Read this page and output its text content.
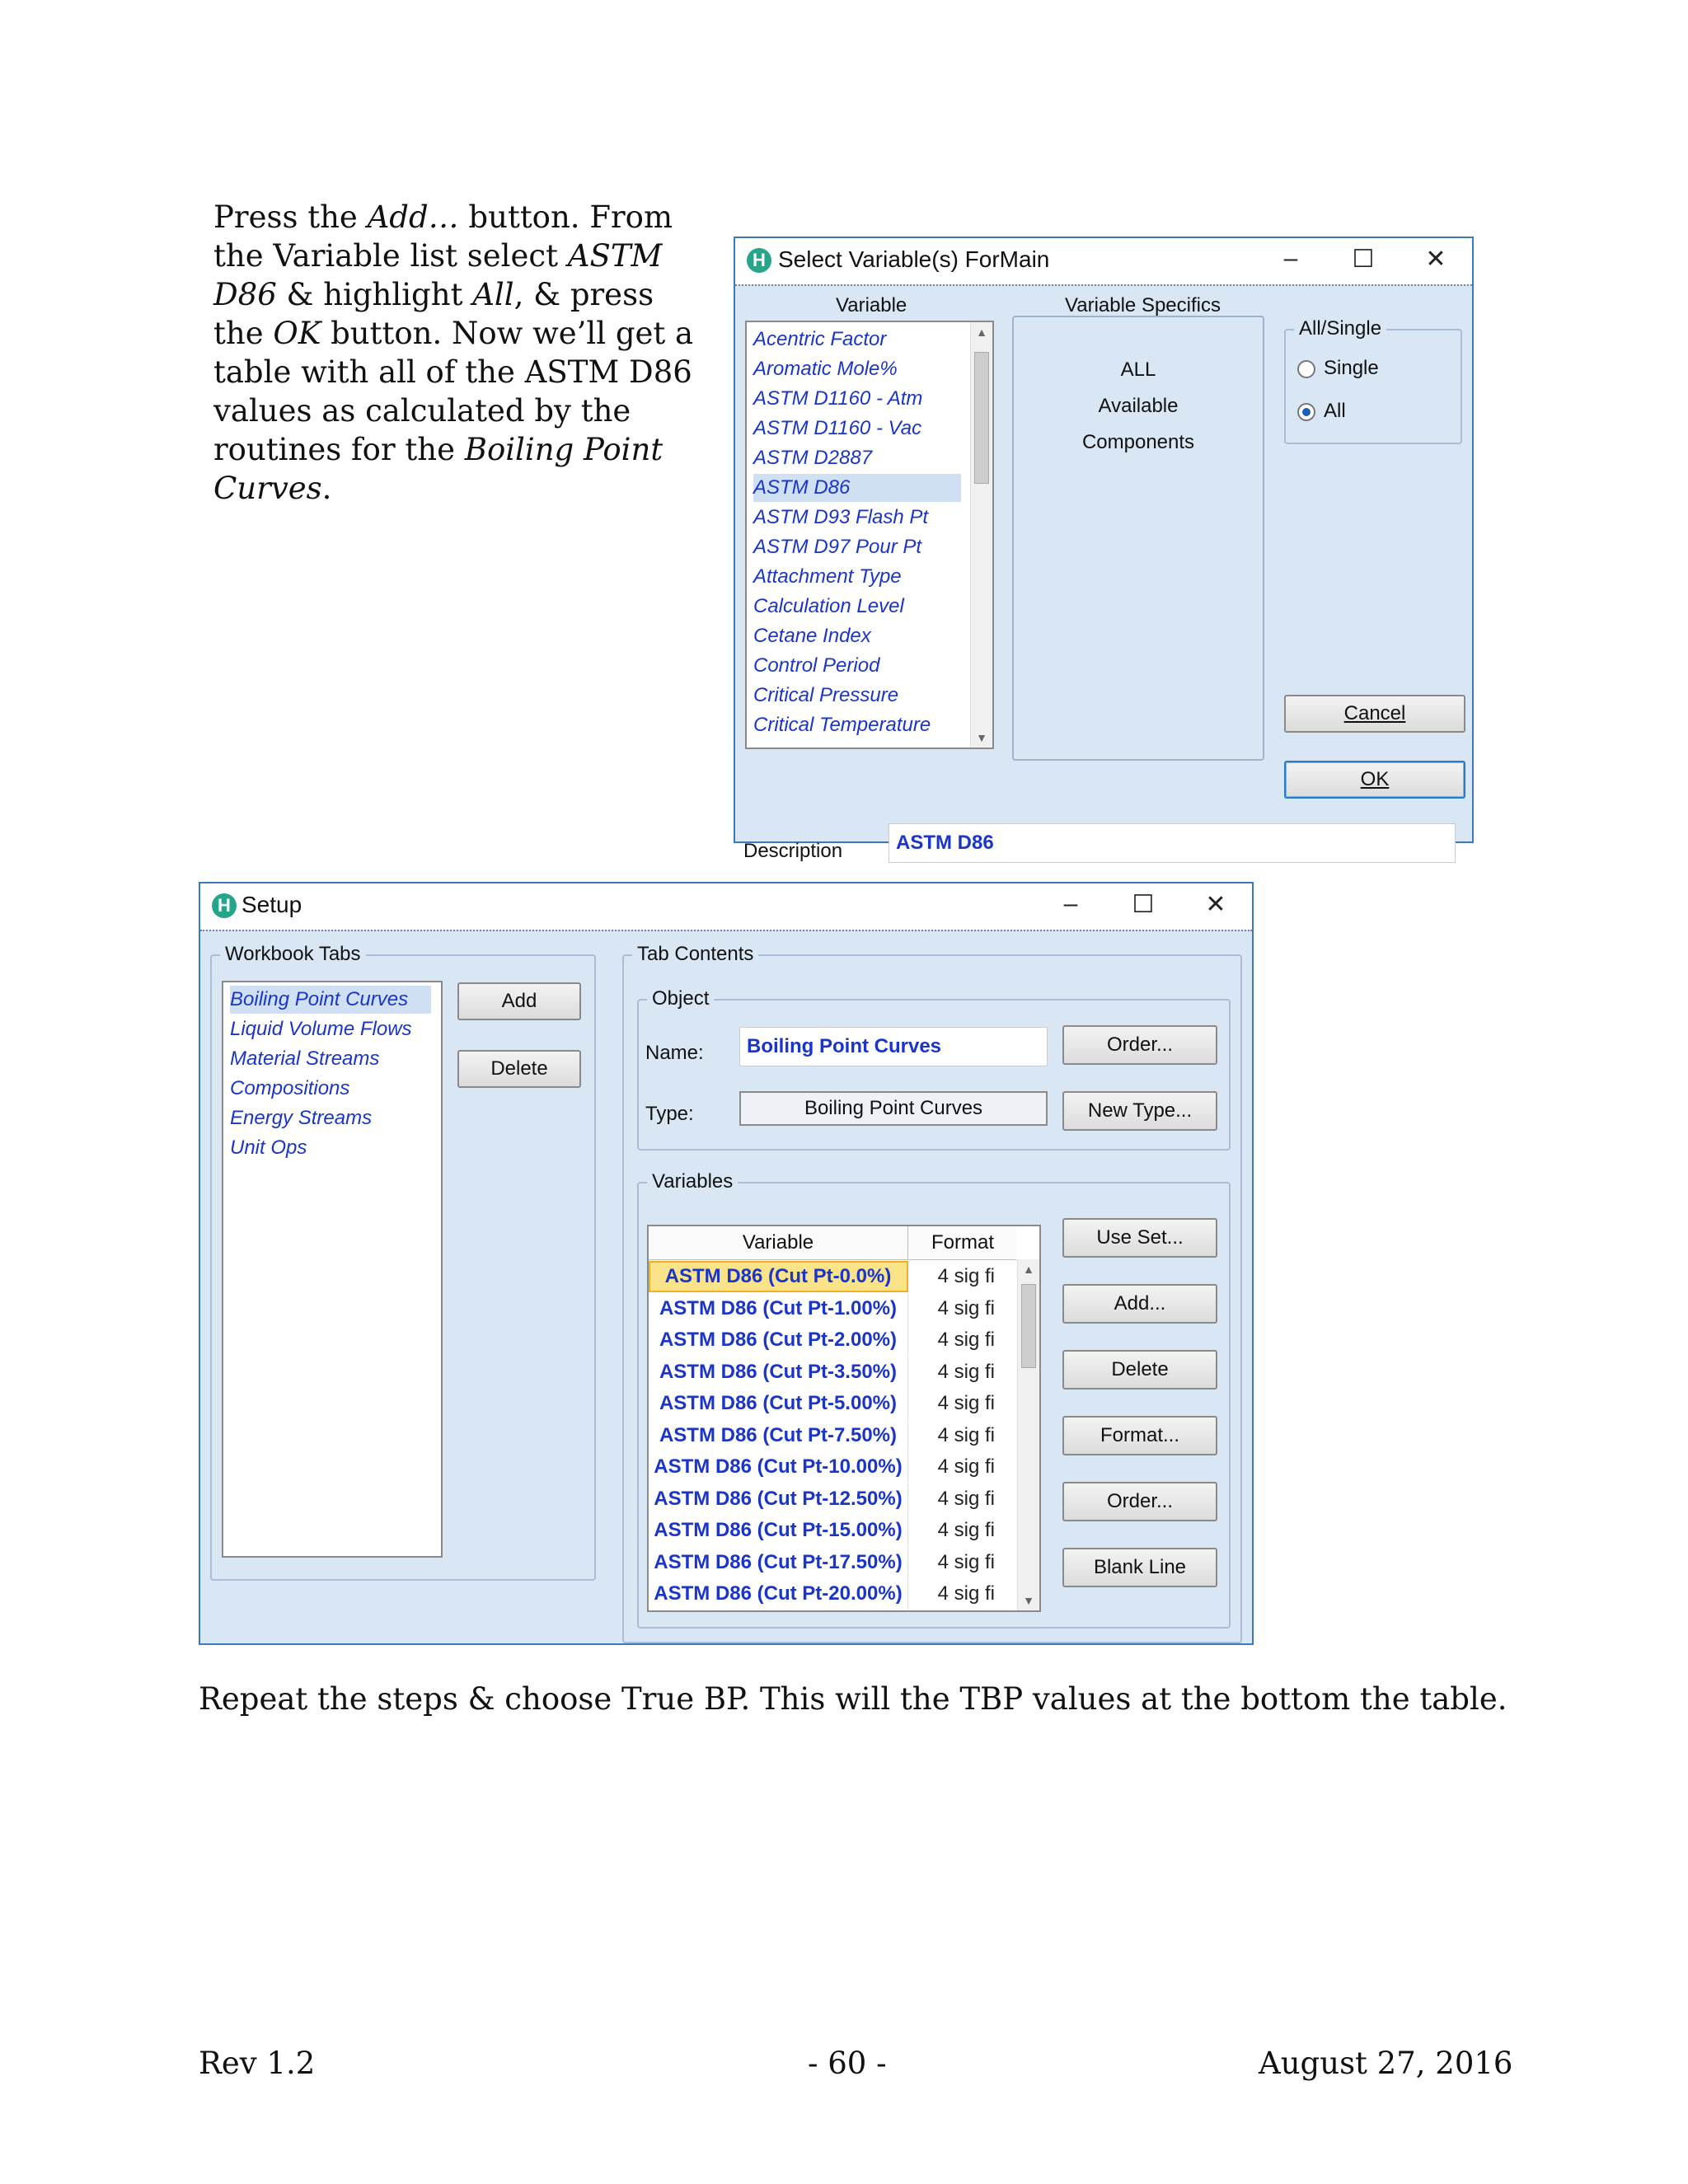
Press the Add… button. From the Variable list select ASTM D86 & highlight All, & press the OK button. Now we’ll get a table with all of the ASTM D86 values as calculated by the routines for the Boiling Point Curves.
H Select Variable(s) ForMain	–	☐ ✕
Variable	Variable Specifics
Acentric Factor
Aromatic Mole%
ASTM D1160 - Atm
ASTM D1160 - Vac
ASTM D2887
ASTM D86
ASTM D93 Flash Pt
ASTM D97 Pour Pt
Attachment Type
Calculation Level
Cetane Index
Control Period
Critical Pressure
Critical Temperature
▲
▼
ALL
Available
Components
All/Single
Single
All
Cancel
OK
Description	ASTM D86
H Setup	–	☐ ✕
Workbook Tabs
Boiling Point Curves
Liquid Volume Flows
Material Streams
Compositions
Energy Streams
Unit Ops
Add
Delete
Tab Contents
Object
Name:	Boiling Point Curves	Order...
Type:	Boiling Point Curves	New Type...
Variables
Variable	Format
ASTM D86 (Cut Pt-0.0%)	4 sig fi
ASTM D86 (Cut Pt-1.00%)	4 sig fi
ASTM D86 (Cut Pt-2.00%)	4 sig fi
ASTM D86 (Cut Pt-3.50%)	4 sig fi
ASTM D86 (Cut Pt-5.00%)	4 sig fi
ASTM D86 (Cut Pt-7.50%)	4 sig fi
ASTM D86 (Cut Pt-10.00%)	4 sig fi
ASTM D86 (Cut Pt-12.50%)	4 sig fi
ASTM D86 (Cut Pt-15.00%)	4 sig fi
ASTM D86 (Cut Pt-17.50%)	4 sig fi
ASTM D86 (Cut Pt-20.00%)	4 sig fi
▲
▼
Use Set...
Add...
Delete
Format...
Order...
Blank Line
Repeat the steps & choose True BP. This will the TBP values at the bottom the table.
Rev 1.2	- 60 -	August 27, 2016
